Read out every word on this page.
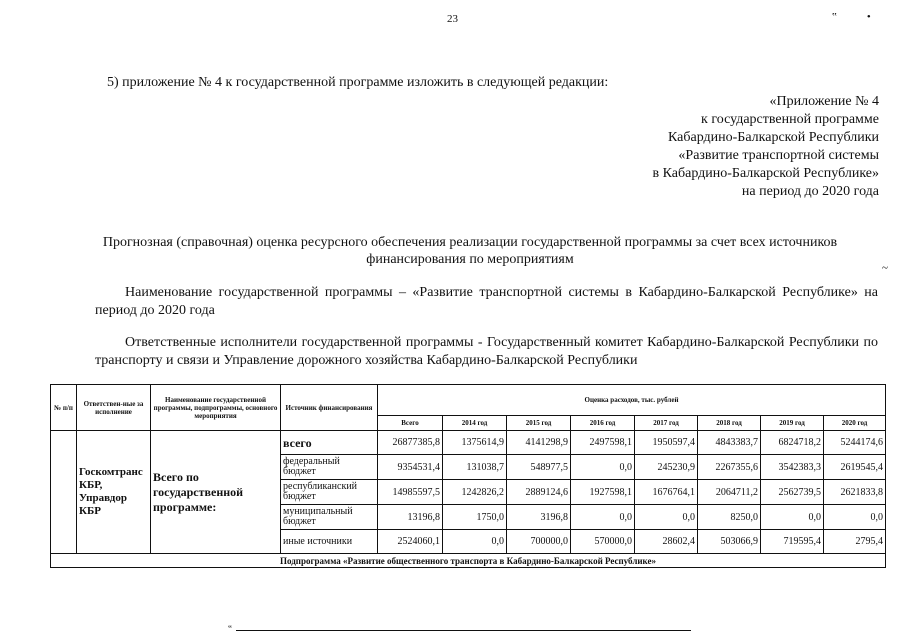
23	‟•
5) приложение № 4 к государственной программе изложить в следующей редакции:
«Приложение № 4
к государственной программе
Кабардино-Балкарской Республики
«Развитие транспортной системы
в Кабардино-Балкарской Республике»
на период до 2020 года
Прогнозная (справочная) оценка ресурсного обеспечения реализации государственной программы за счет всех источников финансирования по мероприятиям
~
Наименование государственной программы – «Развитие транспортной системы в Кабардино-Балкарской Республике» на период до 2020 года
Ответственные исполнители государственной программы - Государственный комитет Кабардино-Балкарской Республики по транспорту и связи и Управление дорожного хозяйства Кабардино-Балкарской Республики
№ п/п	Ответствен-ные за исполнение	Наименование государственной программы, подпрограммы, основного мероприятия	Источник финансирования	Оценка расходов, тыс. рублей							
				Всего	2014 год	2015 год	2016 год	2017 год	2018 год	2019 год	2020 год
	Госкомтранс КБР, Управдор КБР	Всего по государственной программе:	всего	26877385,8	1375614,9	4141298,9	2497598,1	1950597,4	4843383,7	6824718,2	5244174,6
			федеральный бюджет	9354531,4	131038,7	548977,5	0,0	245230,9	2267355,6	3542383,3	2619545,4
			республиканский бюджет	14985597,5	1242826,2	2889124,6	1927598,1	1676764,1	2064711,2	2562739,5	2621833,8
			муниципальный бюджет	13196,8	1750,0	3196,8	0,0	0,0	8250,0	0,0	0,0
			иные источники	2524060,1	0,0	700000,0	570000,0	28602,4	503066,9	719595,4	2795,4
Подпрограмма «Развитие общественного транспорта в Кабардино-Балкарской Республике»											
‟
